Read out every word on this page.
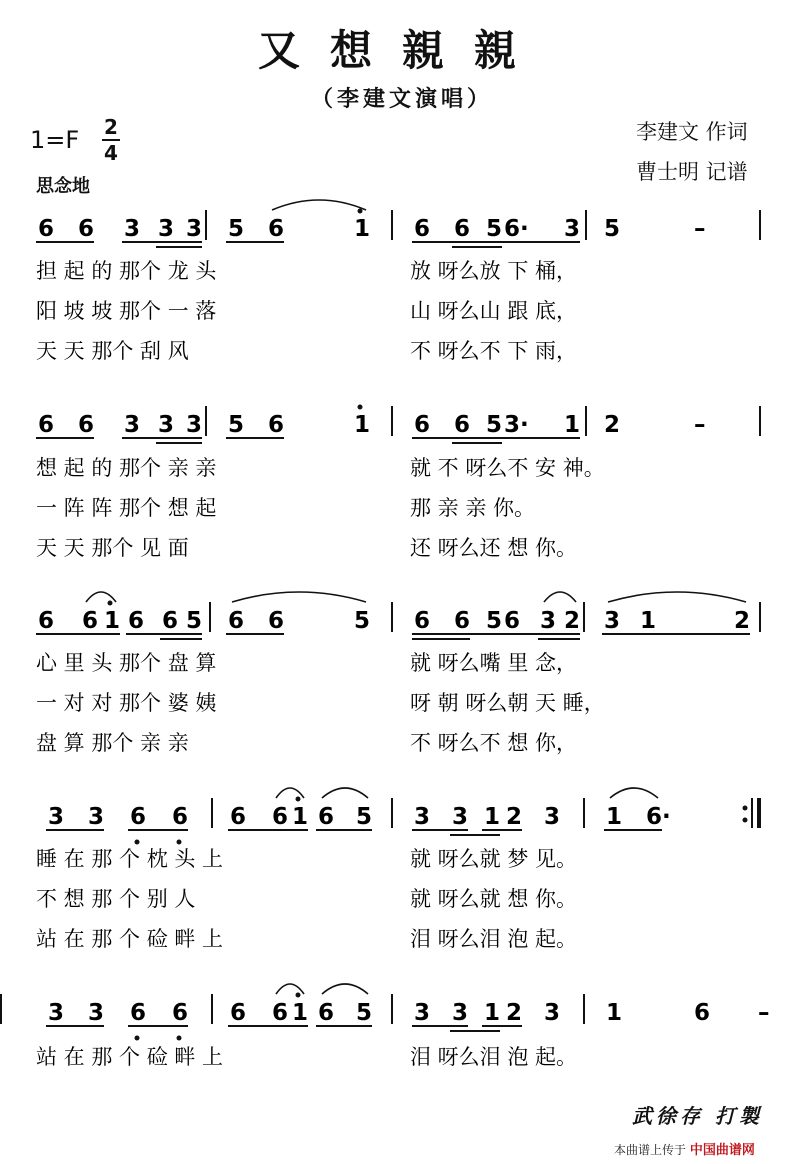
又想親親
（李建文演唱）
1=F 2
4
思念地
李建文 作词
曹士明 记谱
6 6 3 3 3 5 6	1 6 6 5 6· 3 5	–
担 起 的 那个 龙 头	放 呀么放 下 桶，
阳 坡 坡 那个 一 落	山 呀么山 跟 底，
天 天 那个 刮 风	不 呀么不 下 雨，
6 6 3 3 3 5 6	1 6 6 5 3· 1 2	–
想 起 的 那个 亲 亲	就 不 呀么不 安 神。
一 阵 阵 那个 想 起	那 亲 亲 你。
天 天 那个 见 面	还 呀么还 想 你。
6 6 1 6 6 5 6 6	5 6 6 5 6 3 2 3 1	2
心 里 头 那个 盘 算	就 呀么嘴 里 念，
一 对 对 那个 婆 姨	呀 朝 呀么朝 天 睡，
盘 算 那个 亲 亲	不 呀么不 想 你，
3 3 6 6 6 6 1 6 5 3 3 1 2 3 1 6·
睡 在 那 个 枕 头 上	就 呀么就 梦 见。
不 想 那 个 别 人	就 呀么就 想 你。
站 在 那 个 硷 畔 上	泪 呀么泪 泡 起。
3 3 6 6 6 6 1 6 5 3 3 1 2 3 1	6 –
站 在 那 个 硷 畔 上	泪 呀么泪 泡 起。
武徐存 打製
本曲谱上传于 中国曲谱网
